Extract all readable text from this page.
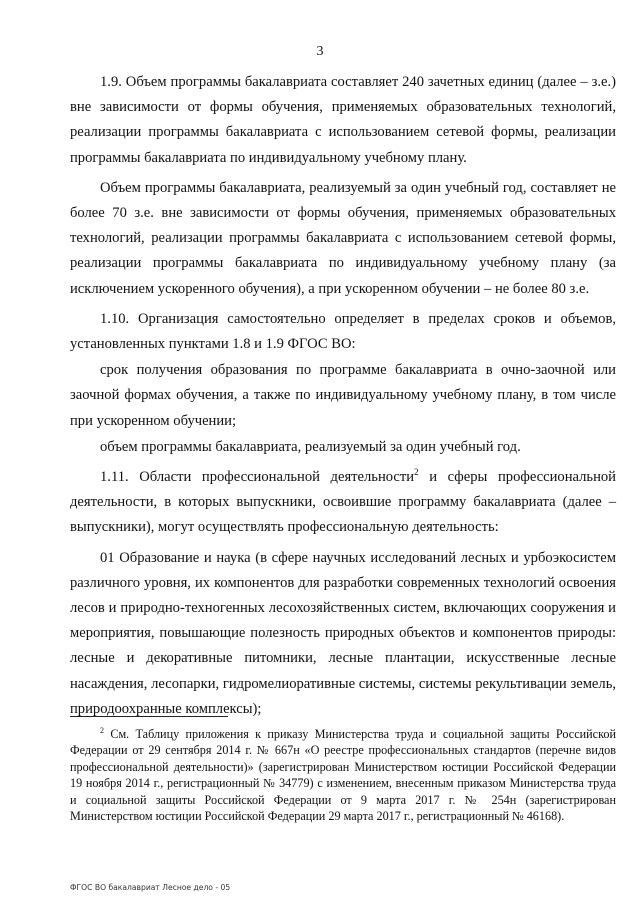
3

1.9. Объем программы бакалавриата составляет 240 зачетных единиц (далее – з.е.) вне зависимости от формы обучения, применяемых образовательных технологий, реализации программы бакалавриата с использованием сетевой формы, реализации программы бакалавриата по индивидуальному учебному плану.

Объем программы бакалавриата, реализуемый за один учебный год, составляет не более 70 з.е. вне зависимости от формы обучения, применяемых образовательных технологий, реализации программы бакалавриата с использованием сетевой формы, реализации программы бакалавриата по индивидуальному учебному плану (за исключением ускоренного обучения), а при ускоренном обучении – не более 80 з.е.

1.10. Организация самостоятельно определяет в пределах сроков и объемов, установленных пунктами 1.8 и 1.9 ФГОС ВО:

срок получения образования по программе бакалавриата в очно-заочной или заочной формах обучения, а также по индивидуальному учебному плану, в том числе при ускоренном обучении;

объем программы бакалавриата, реализуемый за один учебный год.

1.11. Области профессиональной деятельности$^2$ и сферы профессиональной деятельности, в которых выпускники, освоившие программу бакалавриата (далее – выпускники), могут осуществлять профессиональную деятельность:

01 Образование и наука (в сфере научных исследований лесных и урбоэкосистем различного уровня, их компонентов для разработки современных технологий освоения лесов и природно-техногенных лесохозяйственных систем, включающих сооружения и мероприятия, повышающие полезность природных объектов и компонентов природы: лесные и декоративные питомники, лесные плантации, искусственные лесные насаждения, лесопарки, гидромелиоративные системы, системы рекультивации земель, природоохранные комплексы);

$^2$ См. Таблицу приложения к приказу Министерства труда и социальной защиты Российской Федерации от 29 сентября 2014 г. № 667н «О реестре профессиональных стандартов (перечне видов профессиональной деятельности)» (зарегистрирован Министерством юстиции Российской Федерации 19 ноября 2014 г., регистрационный № 34779) с изменением, внесенным приказом Министерства труда и социальной защиты Российской Федерации от 9 марта 2017 г. № 254н (зарегистрирован Министерством юстиции Российской Федерации 29 марта 2017 г., регистрационный № 46168).

ФГОС ВО бакалавриат Лесное дело - 05
